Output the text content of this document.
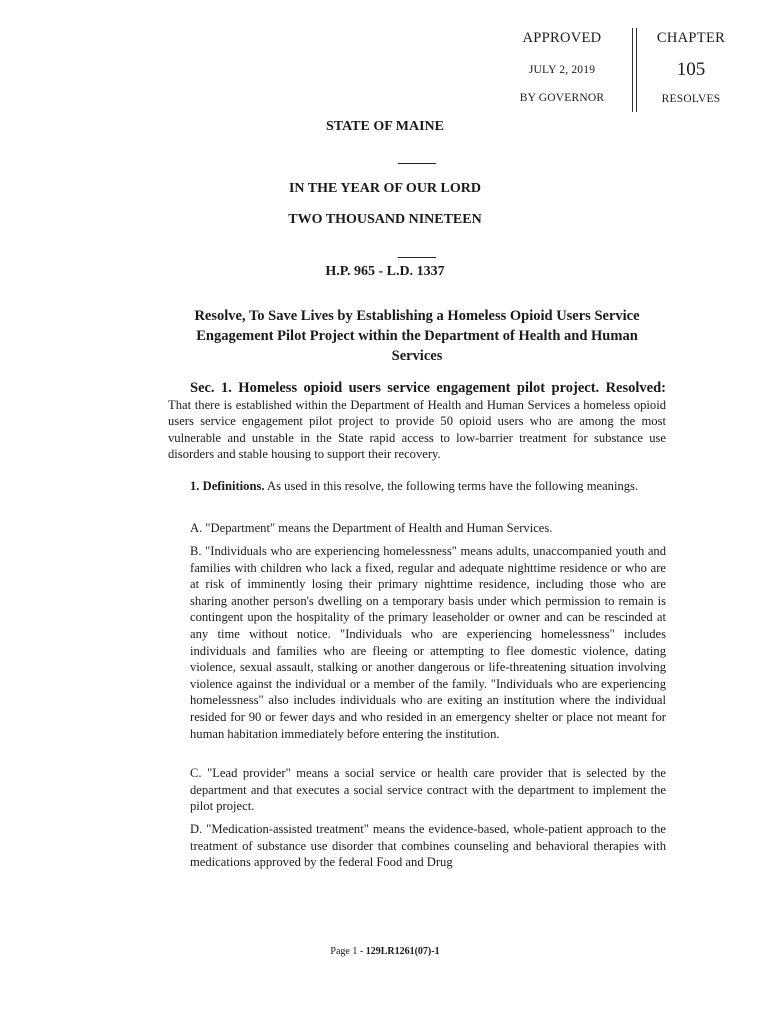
APPROVED
JULY 2, 2019
BY GOVERNOR
CHAPTER
105
RESOLVES
STATE OF MAINE
IN THE YEAR OF OUR LORD
TWO THOUSAND NINETEEN
H.P. 965 - L.D. 1337
Resolve, To Save Lives by Establishing a Homeless Opioid Users Service Engagement Pilot Project within the Department of Health and Human Services
Sec. 1. Homeless opioid users service engagement pilot project. Resolved:
That there is established within the Department of Health and Human Services a homeless opioid users service engagement pilot project to provide 50 opioid users who are among the most vulnerable and unstable in the State rapid access to low-barrier treatment for substance use disorders and stable housing to support their recovery.
1. Definitions. As used in this resolve, the following terms have the following meanings.
A. "Department" means the Department of Health and Human Services.
B. "Individuals who are experiencing homelessness" means adults, unaccompanied youth and families with children who lack a fixed, regular and adequate nighttime residence or who are at risk of imminently losing their primary nighttime residence, including those who are sharing another person's dwelling on a temporary basis under which permission to remain is contingent upon the hospitality of the primary leaseholder or owner and can be rescinded at any time without notice. "Individuals who are experiencing homelessness" includes individuals and families who are fleeing or attempting to flee domestic violence, dating violence, sexual assault, stalking or another dangerous or life-threatening situation involving violence against the individual or a member of the family. "Individuals who are experiencing homelessness" also includes individuals who are exiting an institution where the individual resided for 90 or fewer days and who resided in an emergency shelter or place not meant for human habitation immediately before entering the institution.
C. "Lead provider" means a social service or health care provider that is selected by the department and that executes a social service contract with the department to implement the pilot project.
D. "Medication-assisted treatment" means the evidence-based, whole-patient approach to the treatment of substance use disorder that combines counseling and behavioral therapies with medications approved by the federal Food and Drug
Page 1 - 129LR1261(07)-1
